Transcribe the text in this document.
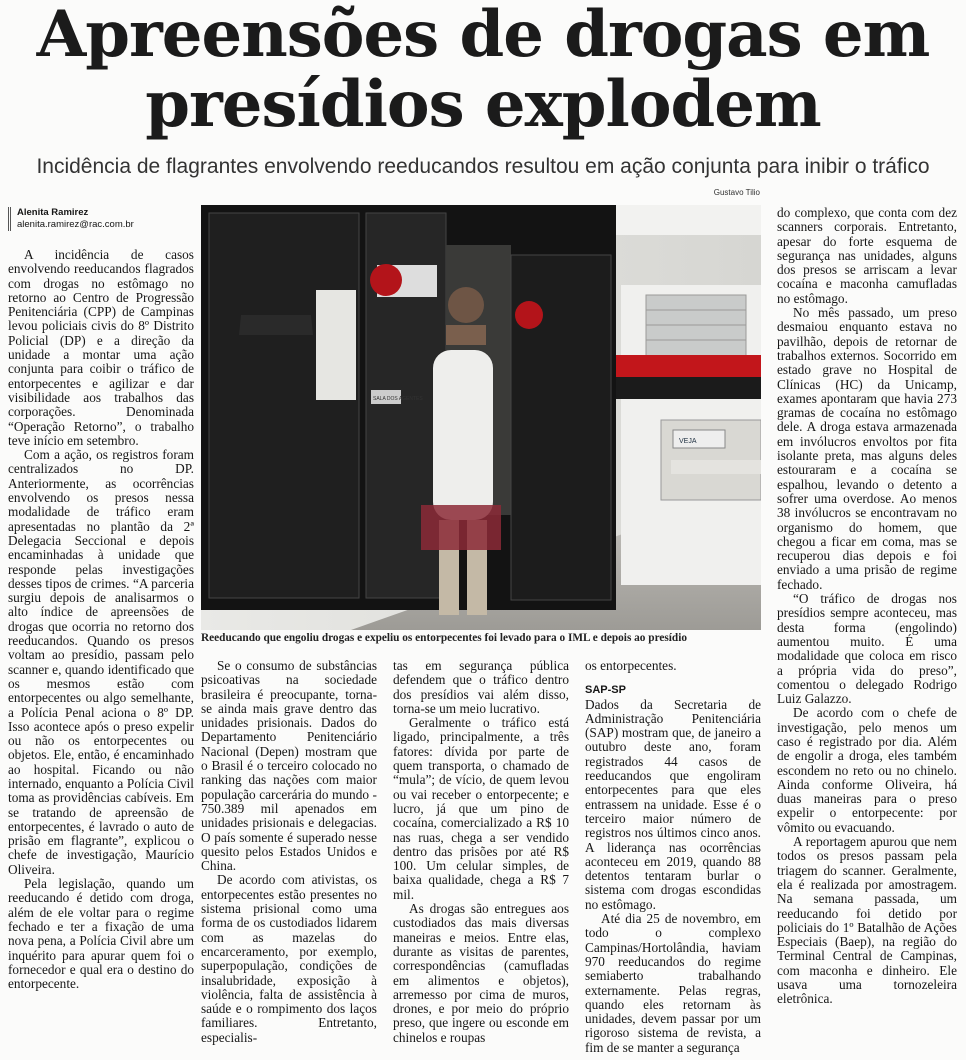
Apreensões de drogas em
presídios explodem

Incidência de flagrantes envolvendo reeducandos resultou em ação conjunta para inibir o tráfico

Gustavo Tilio
Alenita Ramirez
alenita.ramirez@rac.com.br

A incidência de casos envolvendo reeducandos flagrados com drogas no estômago no retorno ao Centro de Progressão Penitenciária (CPP) de Campinas levou policiais civis do 8º Distrito Policial (DP) e a direção da unidade a montar uma ação conjunta para coibir o tráfico de entorpecentes e agilizar e dar visibilidade aos trabalhos das corporações. Denominada “Operação Retorno”, o trabalho teve início em setembro.

Com a ação, os registros foram centralizados no DP. Anteriormente, as ocorrências envolvendo os presos nessa modalidade de tráfico eram apresentadas no plantão da 2ª Delegacia Seccional e depois encaminhadas à unidade que responde pelas investigações desses tipos de crimes. “A parceria surgiu depois de analisarmos o alto índice de apreensões de drogas que ocorria no retorno dos reeducandos. Quando os presos voltam ao presídio, passam pelo scanner e, quando identificado que os mesmos estão com entorpecentes ou algo semelhante, a Polícia Penal aciona o 8º DP. Isso acontece após o preso expelir ou não os entorpecentes ou objetos. Ele, então, é encaminhado ao hospital. Ficando ou não internado, enquanto a Polícia Civil toma as providências cabíveis. Em se tratando de apreensão de entorpecentes, é lavrado o auto de prisão em flagrante”, explicou o chefe de investigação, Maurício Oliveira.

Pela legislação, quando um reeducando é detido com droga, além de ele voltar para o regime fechado e ter a fixação de uma nova pena, a Polícia Civil abre um inquérito para apurar quem foi o fornecedor e qual era o destino do entorpecente.

SALA DOS AGENTES
VEJA
Reeducando que engoliu drogas e expeliu os entorpecentes foi levado para o IML e depois ao presídio

Se o consumo de substâncias psicoativas na sociedade brasileira é preocupante, torna-se ainda mais grave dentro das unidades prisionais. Dados do Departamento Penitenciário Nacional (Depen) mostram que o Brasil é o terceiro colocado no ranking das nações com maior população carcerária do mundo - 750.389 mil apenados em unidades prisionais e delegacias. O país somente é superado nesse quesito pelos Estados Unidos e China.

De acordo com ativistas, os entorpecentes estão presentes no sistema prisional como uma forma de os custodiados lidarem com as mazelas do encarceramento, por exemplo, superpopulação, condições de insalubridade, exposição à violência, falta de assistência à saúde e o rompimento dos laços familiares. Entretanto, especialis-

tas em segurança pública defendem que o tráfico dentro dos presídios vai além disso, torna-se um meio lucrativo.

Geralmente o tráfico está ligado, principalmente, a três fatores: dívida por parte de quem transporta, o chamado de “mula”; de vício, de quem levou ou vai receber o entorpecente; e lucro, já que um pino de cocaína, comercializado a R$ 10 nas ruas, chega a ser vendido dentro das prisões por até R$ 100. Um celular simples, de baixa qualidade, chega a R$ 7 mil.

As drogas são entregues aos custodiados das mais diversas maneiras e meios. Entre elas, durante as visitas de parentes, correspondências (camufladas em alimentos e objetos), arremesso por cima de muros, drones, e por meio do próprio preso, que ingere ou esconde em chinelos e roupas

os entorpecentes.

SAP-SP

Dados da Secretaria de Administração Penitenciária (SAP) mostram que, de janeiro a outubro deste ano, foram registrados 44 casos de reeducandos que engoliram entorpecentes para que eles entrassem na unidade. Esse é o terceiro maior número de registros nos últimos cinco anos. A liderança nas ocorrências aconteceu em 2019, quando 88 detentos tentaram burlar o sistema com drogas escondidas no estômago.

Até dia 25 de novembro, em todo o complexo Campinas/Hortolândia, haviam 970 reeducandos do regime semiaberto trabalhando externamente. Pelas regras, quando eles retornam às unidades, devem passar por um rigoroso sistema de revista, a fim de se manter a segurança

do complexo, que conta com dez scanners corporais. Entretanto, apesar do forte esquema de segurança nas unidades, alguns dos presos se arriscam a levar cocaína e maconha camufladas no estômago.

No mês passado, um preso desmaiou enquanto estava no pavilhão, depois de retornar de trabalhos externos. Socorrido em estado grave no Hospital de Clínicas (HC) da Unicamp, exames apontaram que havia 273 gramas de cocaína no estômago dele. A droga estava armazenada em invólucros envoltos por fita isolante preta, mas alguns deles estouraram e a cocaína se espalhou, levando o detento a sofrer uma overdose. Ao menos 38 invólucros se encontravam no organismo do homem, que chegou a ficar em coma, mas se recuperou dias depois e foi enviado a uma prisão de regime fechado.

“O tráfico de drogas nos presídios sempre aconteceu, mas desta forma (engolindo) aumentou muito. É uma modalidade que coloca em risco a própria vida do preso”, comentou o delegado Rodrigo Luiz Galazzo.

De acordo com o chefe de investigação, pelo menos um caso é registrado por dia. Além de engolir a droga, eles também escondem no reto ou no chinelo. Ainda conforme Oliveira, há duas maneiras para o preso expelir o entorpecente: por vômito ou evacuando.

A reportagem apurou que nem todos os presos passam pela triagem do scanner. Geralmente, ela é realizada por amostragem. Na semana passada, um reeducando foi detido por policiais do 1º Batalhão de Ações Especiais (Baep), na região do Terminal Central de Campinas, com maconha e dinheiro. Ele usava uma tornozeleira eletrônica.
